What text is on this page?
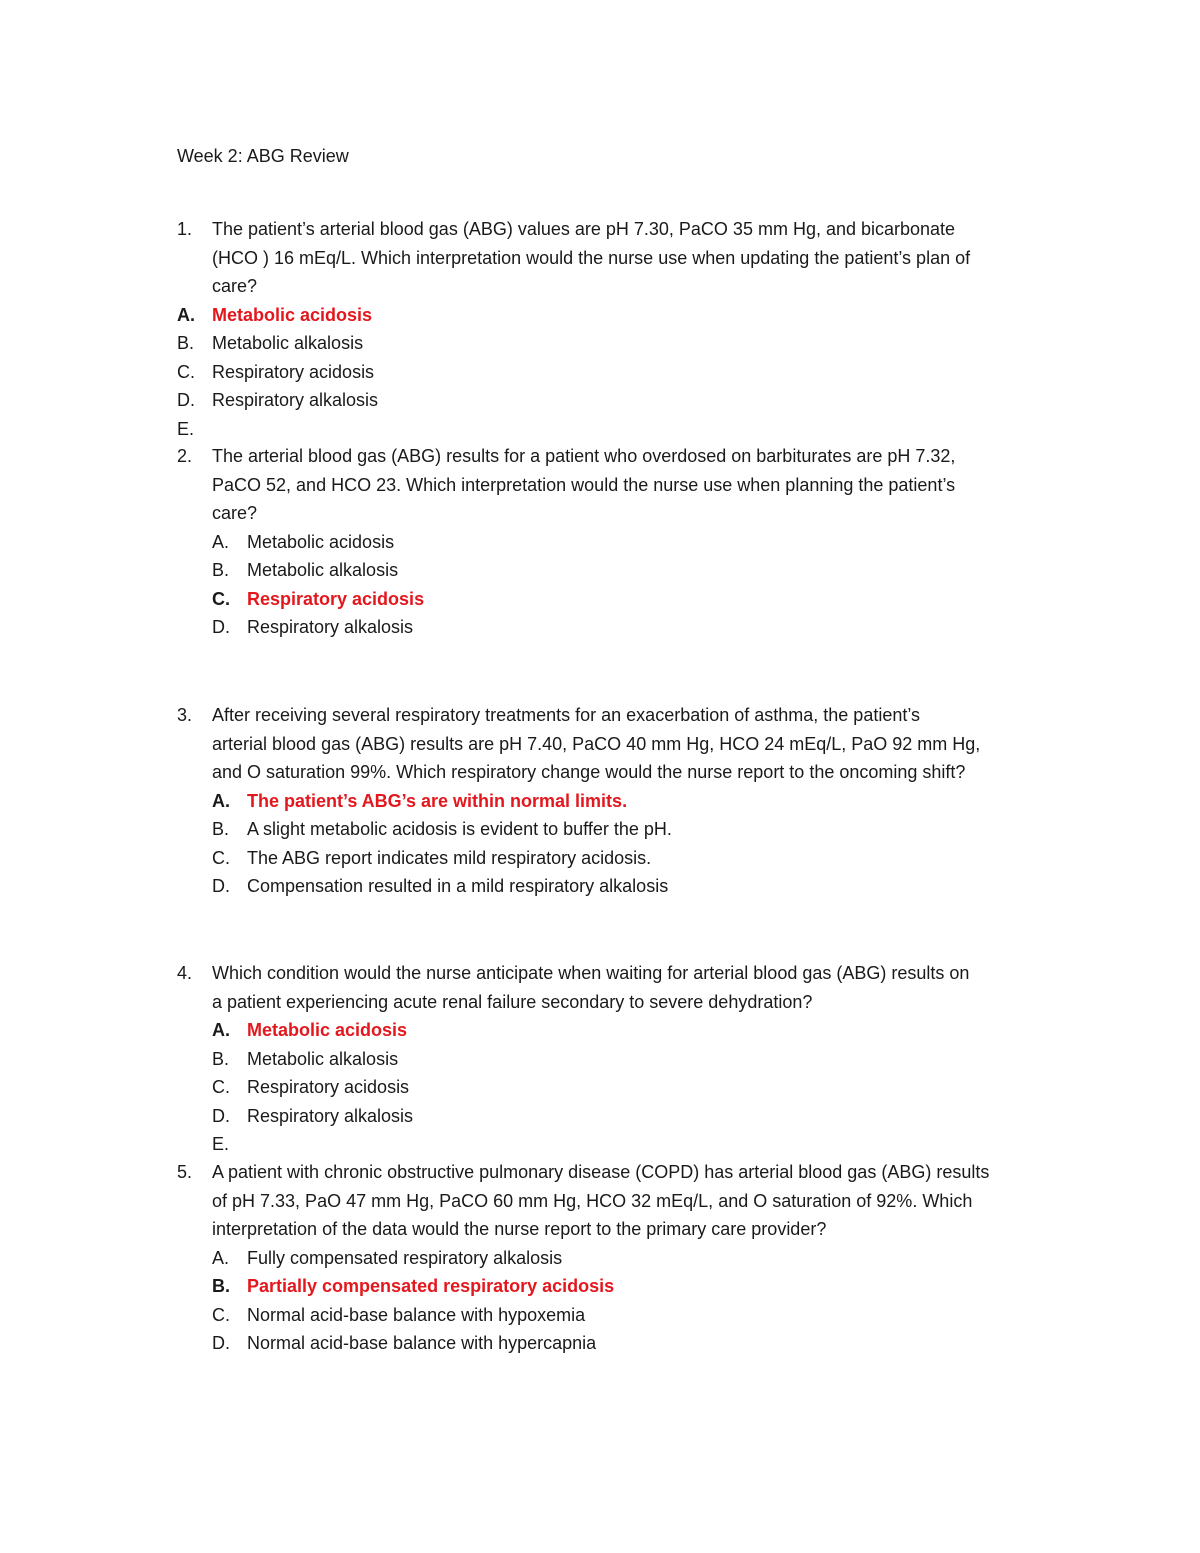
Week 2: ABG Review
1. The patient’s arterial blood gas (ABG) values are pH 7.30, PaCO 35 mm Hg, and bicarbonate
(HCO ) 16 mEq/L. Which interpretation would the nurse use when updating the patient’s plan of
care?
A. Metabolic acidosis
B. Metabolic alkalosis
C. Respiratory acidosis
D. Respiratory alkalosis
E.
2. The arterial blood gas (ABG) results for a patient who overdosed on barbiturates are pH 7.32,
PaCO 52, and HCO 23. Which interpretation would the nurse use when planning the patient’s
care?
A. Metabolic acidosis
B. Metabolic alkalosis
C. Respiratory acidosis
D. Respiratory alkalosis
3. After receiving several respiratory treatments for an exacerbation of asthma, the patient’s
arterial blood gas (ABG) results are pH 7.40, PaCO 40 mm Hg, HCO 24 mEq/L, PaO 92 mm Hg,
and O saturation 99%. Which respiratory change would the nurse report to the oncoming shift?
A. The patient’s ABG’s are within normal limits.
B. A slight metabolic acidosis is evident to buffer the pH.
C. The ABG report indicates mild respiratory acidosis.
D. Compensation resulted in a mild respiratory alkalosis
4. Which condition would the nurse anticipate when waiting for arterial blood gas (ABG) results on
a patient experiencing acute renal failure secondary to severe dehydration?
A. Metabolic acidosis
B. Metabolic alkalosis
C. Respiratory acidosis
D. Respiratory alkalosis
E.
5. A patient with chronic obstructive pulmonary disease (COPD) has arterial blood gas (ABG) results
of pH 7.33, PaO 47 mm Hg, PaCO 60 mm Hg, HCO 32 mEq/L, and O saturation of 92%. Which
interpretation of the data would the nurse report to the primary care provider?
A. Fully compensated respiratory alkalosis
B. Partially compensated respiratory acidosis
C. Normal acid-base balance with hypoxemia
D. Normal acid-base balance with hypercapnia
